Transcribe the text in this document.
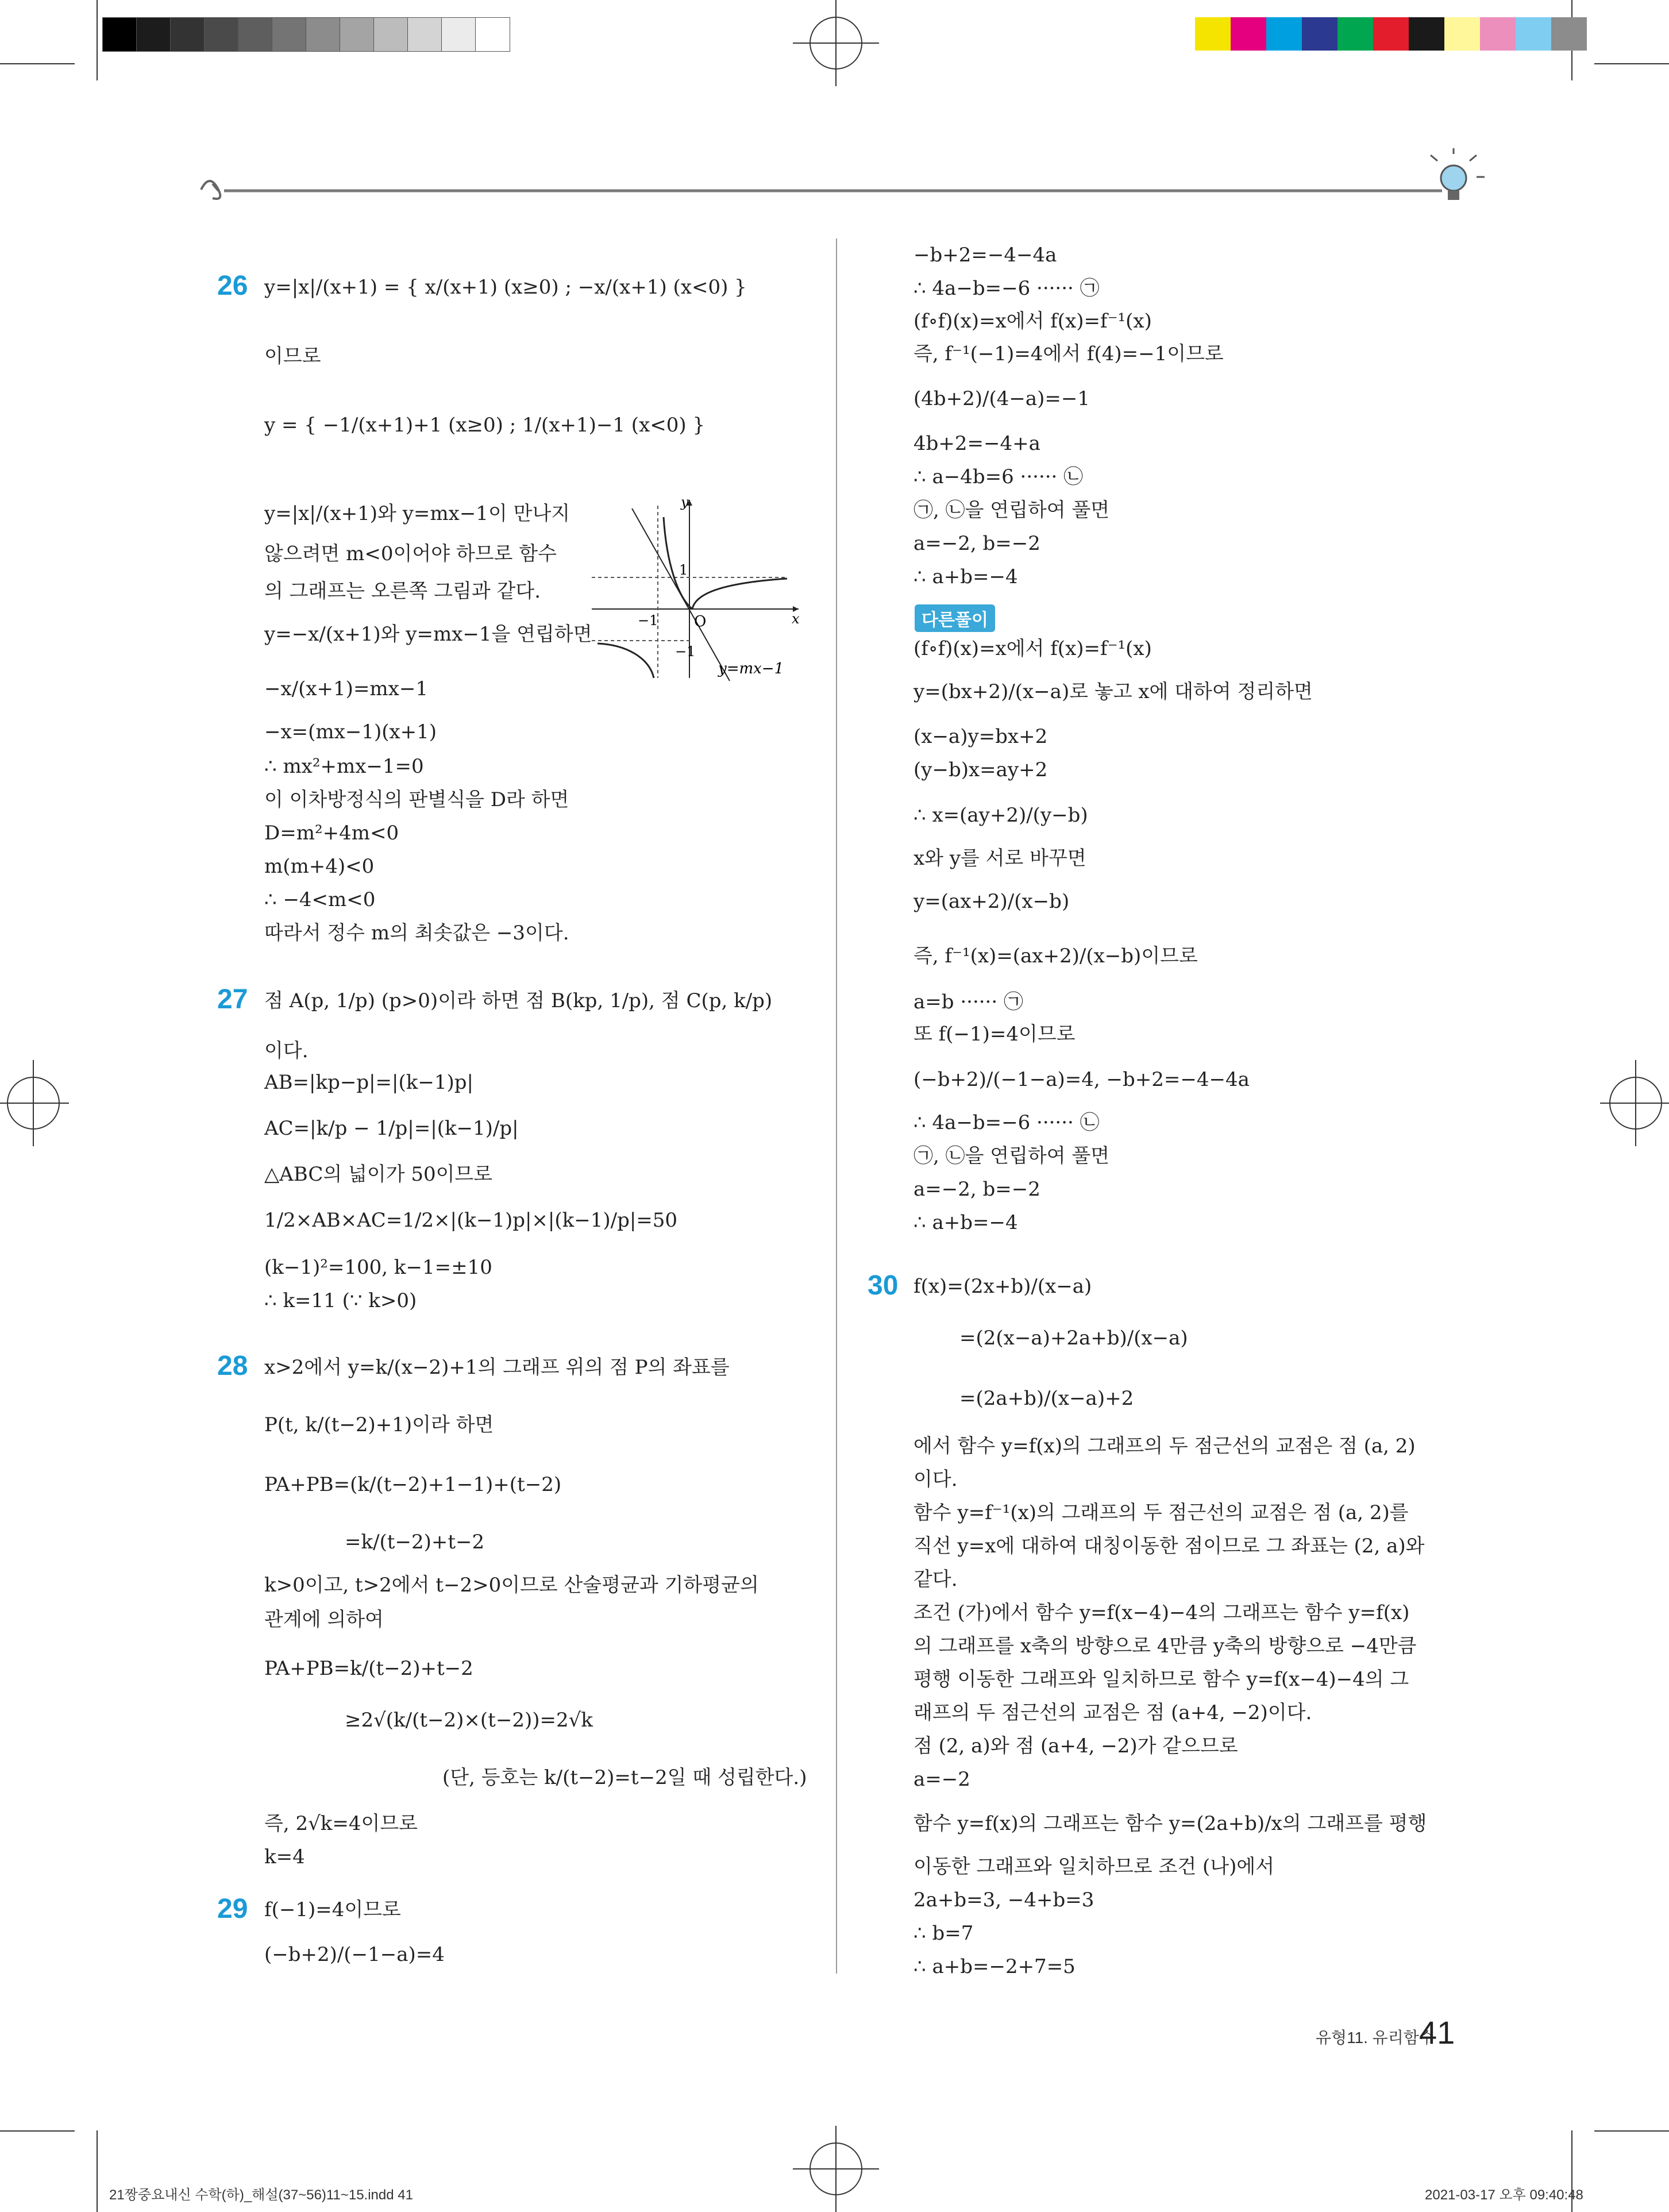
26 y=|x|/(x+1) = { x/(x+1) (x≥0) ; −x/(x+1) (x<0) }
이므로
y = { −1/(x+1)+1 (x≥0) ; 1/(x+1)−1 (x<0) }
y=|x|/(x+1)와 y=mx−1이 만나지
않으려면 m<0이어야 하므로 함수
의 그래프는 오른쪽 그림과 같다.
y=−x/(x+1)와 y=mx−1을 연립하면
−x/(x+1)=mx−1
−x=(mx−1)(x+1)
∴ mx²+mx−1=0
이 이차방정식의 판별식을 D라 하면
D=m²+4m<0
m(m+4)<0
∴ −4<m<0
따라서 정수 m의 최솟값은 −3이다.
y
x
O
1
−1
−1
y=mx−1
27 점 A(p, 1/p) (p>0)이라 하면 점 B(kp, 1/p), 점 C(p, k/p)
이다.
AB=|kp−p|=|(k−1)p|
AC=|k/p − 1/p|=|(k−1)/p|
△ABC의 넓이가 50이므로
1/2×AB×AC=1/2×|(k−1)p|×|(k−1)/p|=50
(k−1)²=100, k−1=±10
∴ k=11 (∵ k>0)
28 x>2에서 y=k/(x−2)+1의 그래프 위의 점 P의 좌표를
P(t, k/(t−2)+1)이라 하면
PA+PB=(k/(t−2)+1−1)+(t−2)
=k/(t−2)+t−2
k>0이고, t>2에서 t−2>0이므로 산술평균과 기하평균의
관계에 의하여
PA+PB=k/(t−2)+t−2
≥2√(k/(t−2)×(t−2))=2√k
(단, 등호는 k/(t−2)=t−2일 때 성립한다.)
즉, 2√k=4이므로
k=4
29 f(−1)=4이므로
(−b+2)/(−1−a)=4
−b+2=−4−4a
∴ 4a−b=−6 ······ ㉠
(f∘f)(x)=x에서 f(x)=f⁻¹(x)
즉, f⁻¹(−1)=4에서 f(4)=−1이므로
(4b+2)/(4−a)=−1
4b+2=−4+a
∴ a−4b=6 ······ ㉡
㉠, ㉡을 연립하여 풀면
a=−2, b=−2
∴ a+b=−4
다른풀이
(f∘f)(x)=x에서 f(x)=f⁻¹(x)
y=(bx+2)/(x−a)로 놓고 x에 대하여 정리하면
(x−a)y=bx+2
(y−b)x=ay+2
∴ x=(ay+2)/(y−b)
x와 y를 서로 바꾸면
y=(ax+2)/(x−b)
즉, f⁻¹(x)=(ax+2)/(x−b)이므로
a=b ······ ㉠
또 f(−1)=4이므로
(−b+2)/(−1−a)=4, −b+2=−4−4a
∴ 4a−b=−6 ······ ㉡
㉠, ㉡을 연립하여 풀면
a=−2, b=−2
∴ a+b=−4
30 f(x)=(2x+b)/(x−a)
=(2(x−a)+2a+b)/(x−a)
=(2a+b)/(x−a)+2
에서 함수 y=f(x)의 그래프의 두 점근선의 교점은 점 (a, 2)
이다.
함수 y=f⁻¹(x)의 그래프의 두 점근선의 교점은 점 (a, 2)를
직선 y=x에 대하여 대칭이동한 점이므로 그 좌표는 (2, a)와
같다.
조건 (가)에서 함수 y=f(x−4)−4의 그래프는 함수 y=f(x)
의 그래프를 x축의 방향으로 4만큼 y축의 방향으로 −4만큼
평행 이동한 그래프와 일치하므로 함수 y=f(x−4)−4의 그
래프의 두 점근선의 교점은 점 (a+4, −2)이다.
점 (2, a)와 점 (a+4, −2)가 같으므로
a=−2
함수 y=f(x)의 그래프는 함수 y=(2a+b)/x의 그래프를 평행
이동한 그래프와 일치하므로 조건 (나)에서
2a+b=3, −4+b=3
∴ b=7
∴ a+b=−2+7=5
유형11. 유리함수
41
21짱중요내신 수학(하)_해설(37~56)11~15.indd 41	2021-03-17 오후 09:40:48
